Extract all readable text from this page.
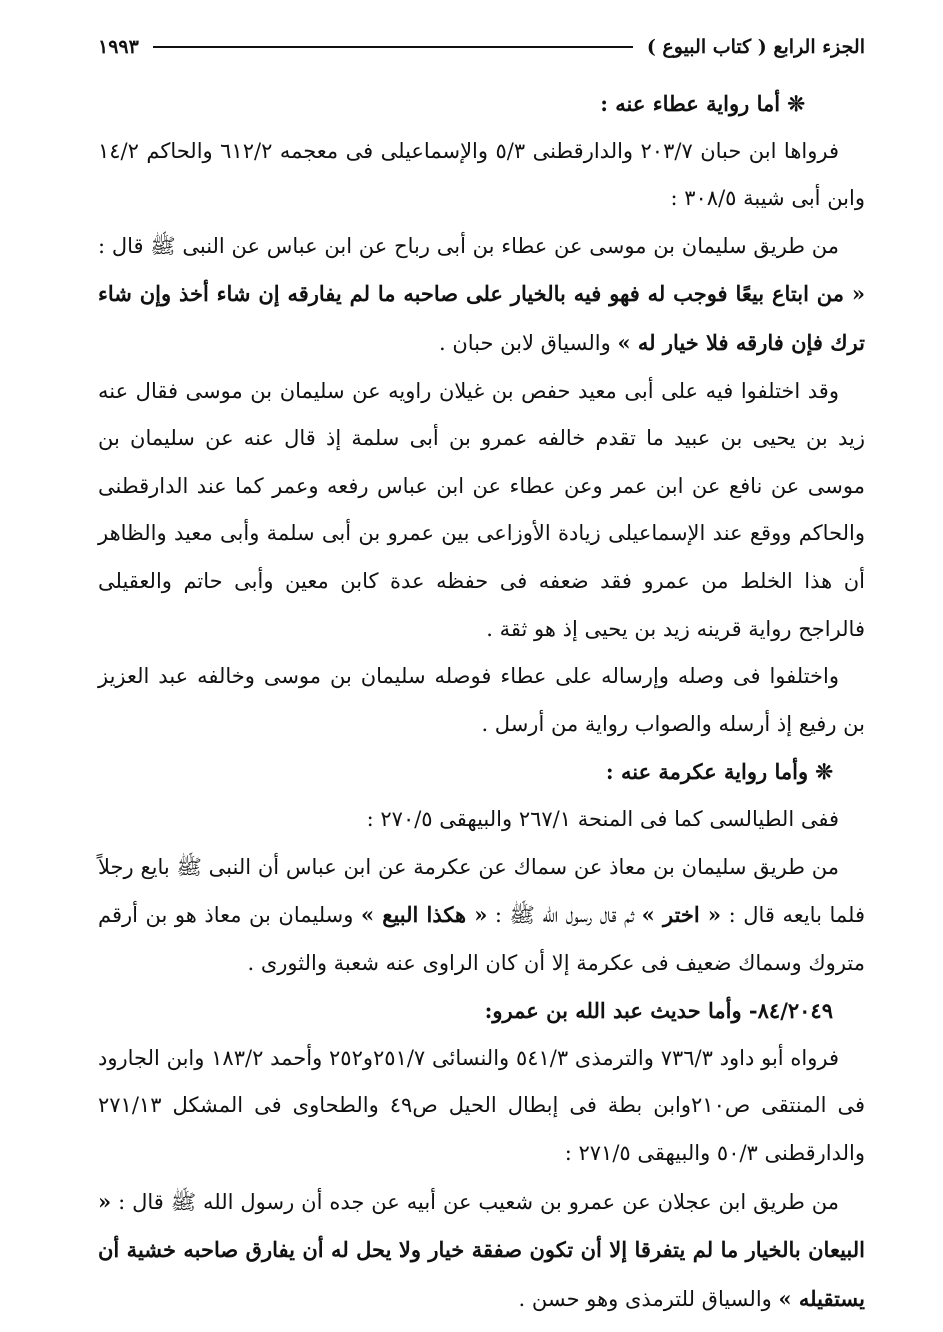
الجزء الرابع ( كتاب البيوع )
١٩٩٣

❊ أما رواية عطاء عنه :

فرواها ابن حبان ٢٠٣/٧ والدارقطنى ٥/٣ والإسماعيلى فى معجمه ٦١٢/٢ والحاكم ١٤/٢ وابن أبى شيبة ٣٠٨/٥ :

من طريق سليمان بن موسى عن عطاء بن أبى رباح عن ابن عباس عن النبى ﷺ قال : « من ابتاع بيعًا فوجب له فهو فيه بالخيار على صاحبه ما لم يفارقه إن شاء أخذ وإن شاء ترك فإن فارقه فلا خيار له » والسياق لابن حبان .

وقد اختلفوا فيه على أبى معيد حفص بن غيلان راويه عن سليمان بن موسى فقال عنه زيد بن يحيى بن عبيد ما تقدم خالفه عمرو بن أبى سلمة إذ قال عنه عن سليمان بن موسى عن نافع عن ابن عمر وعن عطاء عن ابن عباس رفعه وعمر كما عند الدارقطنى والحاكم ووقع عند الإسماعيلى زيادة الأوزاعى بين عمرو بن أبى سلمة وأبى معيد والظاهر أن هذا الخلط من عمرو فقد ضعفه فى حفظه عدة كابن معين وأبى حاتم والعقيلى فالراجح رواية قرينه زيد بن يحيى إذ هو ثقة .

واختلفوا فى وصله وإرساله على عطاء فوصله سليمان بن موسى وخالفه عبد العزيز بن رفيع إذ أرسله والصواب رواية من أرسل .

❊ وأما رواية عكرمة عنه :

ففى الطيالسى كما فى المنحة ٢٦٧/١ والبيهقى ٢٧٠/٥ :

من طريق سليمان بن معاذ عن سماك عن عكرمة عن ابن عباس أن النبى ﷺ بايع رجلاً فلما بايعه قال : « اختر » ثم قال رسول الله ﷺ : « هكذا البيع » وسليمان بن معاذ هو بن أرقم متروك وسماك ضعيف فى عكرمة إلا أن كان الراوى عنه شعبة والثورى .

٨٤/٢٠٤٩- وأما حديث عبد الله بن عمرو:

فرواه أبو داود ٧٣٦/٣ والترمذى ٥٤١/٣ والنسائى ٢٥١/٧و٢٥٢ وأحمد ١٨٣/٢ وابن الجارود فى المنتقى ص٢١٠وابن بطة فى إبطال الحيل ص٤٩ والطحاوى فى المشكل ٢٧١/١٣ والدارقطنى ٥٠/٣ والبيهقى ٢٧١/٥ :

من طريق ابن عجلان عن عمرو بن شعيب عن أبيه عن جده أن رسول الله ﷺ قال : « البيعان بالخيار ما لم يتفرقا إلا أن تكون صفقة خيار ولا يحل له أن يفارق صاحبه خشية أن يستقيله » والسياق للترمذى وهو حسن .
